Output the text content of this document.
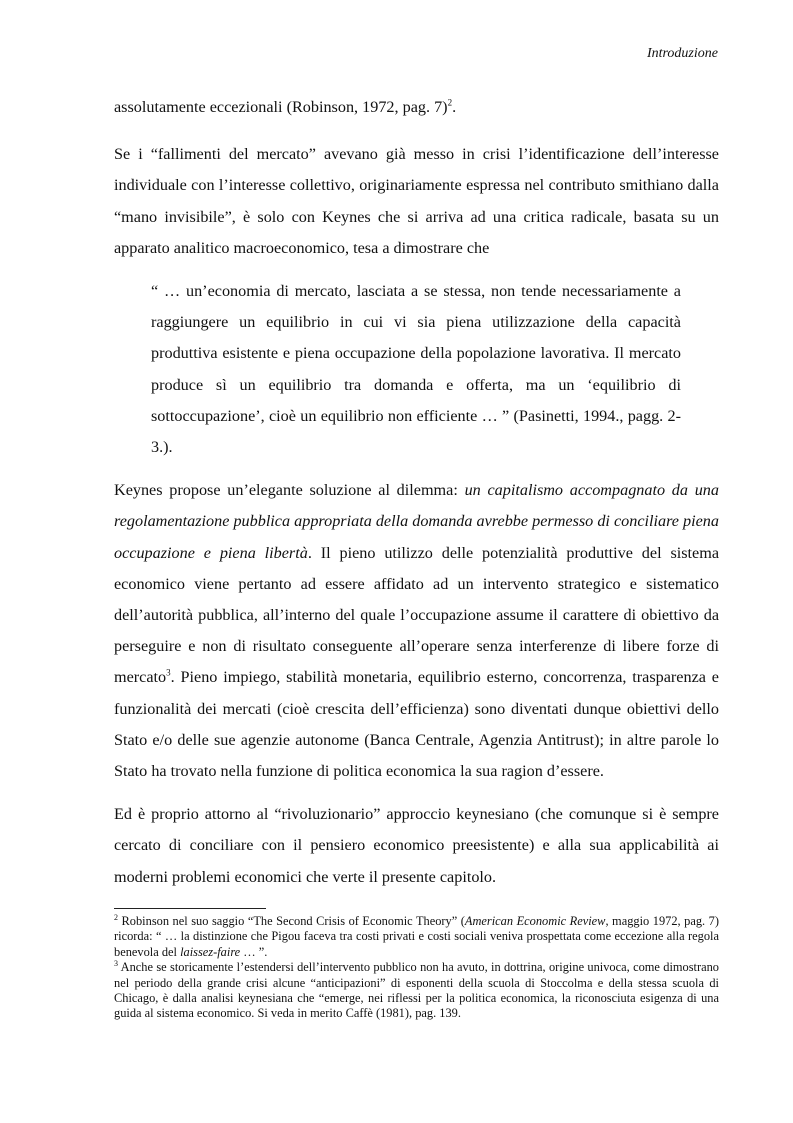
Introduzione

assolutamente eccezionali (Robinson, 1972, pag. 7)$^2$.

Se i “fallimenti del mercato” avevano già messo in crisi l’identificazione dell’interesse individuale con l’interesse collettivo, originariamente espressa nel contributo smithiano dalla “mano invisibile”, è solo con Keynes che si arriva ad una critica radicale, basata su un apparato analitico macroeconomico, tesa a dimostrare che

“ … un’economia di mercato, lasciata a se stessa, non tende necessariamente a raggiungere un equilibrio in cui vi sia piena utilizzazione della capacità produttiva esistente e piena occupazione della popolazione lavorativa. Il mercato produce sì un equilibrio tra domanda e offerta, ma un ‘equilibrio di sottoccupazione’, cioè un equilibrio non efficiente … ” (Pasinetti, 1994., pagg. 2-3.).

Keynes propose un’elegante soluzione al dilemma: un capitalismo accompagnato da una regolamentazione pubblica appropriata della domanda avrebbe permesso di conciliare piena occupazione e piena libertà. Il pieno utilizzo delle potenzialità produttive del sistema economico viene pertanto ad essere affidato ad un intervento strategico e sistematico dell’autorità pubblica, all’interno del quale l’occupazione assume il carattere di obiettivo da perseguire e non di risultato conseguente all’operare senza interferenze di libere forze di mercato$^3$. Pieno impiego, stabilità monetaria, equilibrio esterno, concorrenza, trasparenza e funzionalità dei mercati (cioè crescita dell’efficienza) sono diventati dunque obiettivi dello Stato e/o delle sue agenzie autonome (Banca Centrale, Agenzia Antitrust); in altre parole lo Stato ha trovato nella funzione di politica economica la sua ragion d’essere.

Ed è proprio attorno al “rivoluzionario” approccio keynesiano (che comunque si è sempre cercato di conciliare con il pensiero economico preesistente) e alla sua applicabilità ai moderni problemi economici che verte il presente capitolo.

$^2$ Robinson nel suo saggio “The Second Crisis of Economic Theory” (American Economic Review, maggio 1972, pag. 7) ricorda: “ … la distinzione che Pigou faceva tra costi privati e costi sociali veniva prospettata come eccezione alla regola benevola del laissez-faire … ”.

$^3$ Anche se storicamente l’estendersi dell’intervento pubblico non ha avuto, in dottrina, origine univoca, come dimostrano nel periodo della grande crisi alcune “anticipazioni” di esponenti della scuola di Stoccolma e della stessa scuola di Chicago, è dalla analisi keynesiana che “emerge, nei riflessi per la politica economica, la riconosciuta esigenza di una guida al sistema economico. Si veda in merito Caffè (1981), pag. 139.
